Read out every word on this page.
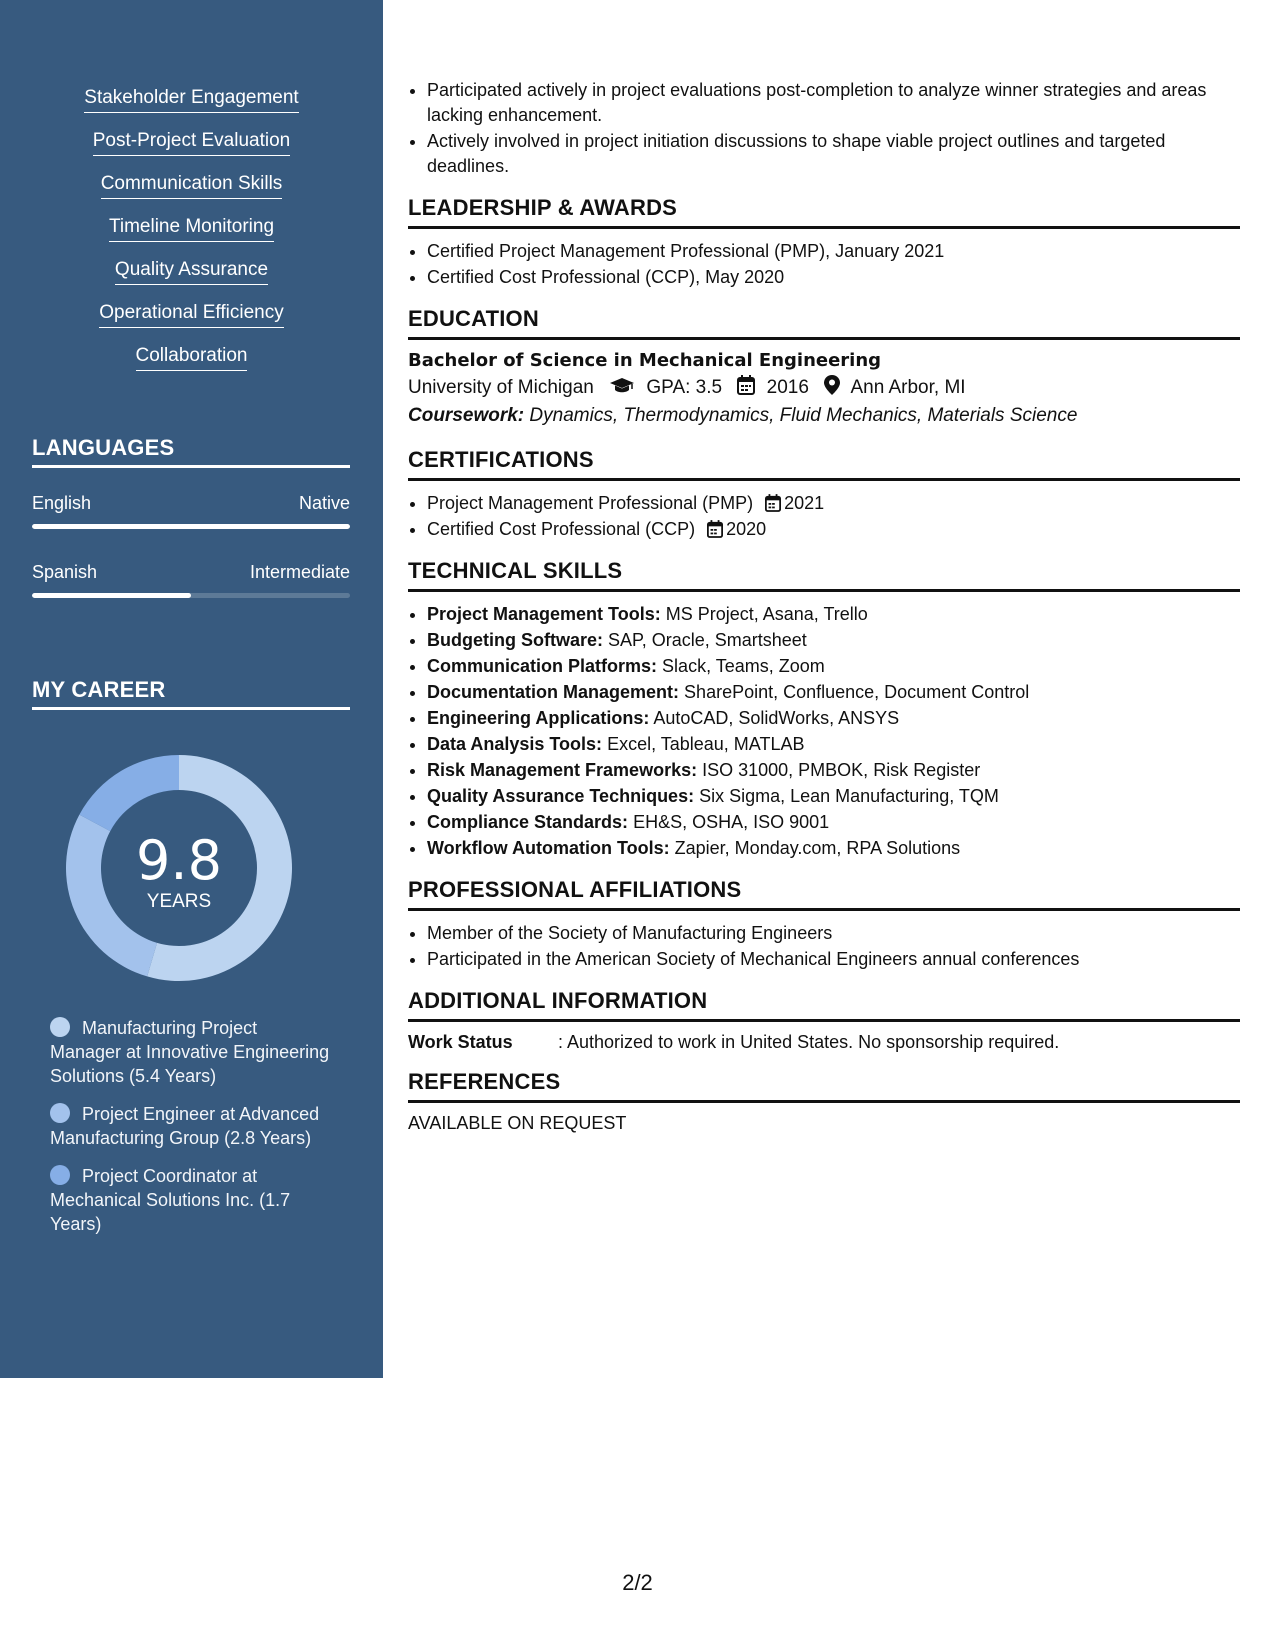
Stakeholder Engagement
Post-Project Evaluation
Communication Skills
Timeline Monitoring
Quality Assurance
Operational Efficiency
Collaboration
LANGUAGES
English	Native
Spanish	Intermediate
MY CAREER
9.8
YEARS
Manufacturing Project Manager at Innovative Engineering Solutions (5.4 Years)
Project Engineer at Advanced Manufacturing Group (2.8 Years)
Project Coordinator at Mechanical Solutions Inc. (1.7 Years)
• Participated actively in project evaluations post-completion to analyze winner strategies and areas lacking enhancement.
• Actively involved in project initiation discussions to shape viable project outlines and targeted deadlines.
LEADERSHIP & AWARDS
• Certified Project Management Professional (PMP), January 2021
• Certified Cost Professional (CCP), May 2020
EDUCATION
Bachelor of Science in Mechanical Engineering
University of Michigan	GPA: 3.5 2016 Ann Arbor, MI
Coursework: Dynamics, Thermodynamics, Fluid Mechanics, Materials Science
CERTIFICATIONS
• Project Management Professional (PMP) 2021
• Certified Cost Professional (CCP) 2020
TECHNICAL SKILLS
• Project Management Tools: MS Project, Asana, Trello
• Budgeting Software: SAP, Oracle, Smartsheet
• Communication Platforms: Slack, Teams, Zoom
• Documentation Management: SharePoint, Confluence, Document Control
• Engineering Applications: AutoCAD, SolidWorks, ANSYS
• Data Analysis Tools: Excel, Tableau, MATLAB
• Risk Management Frameworks: ISO 31000, PMBOK, Risk Register
• Quality Assurance Techniques: Six Sigma, Lean Manufacturing, TQM
• Compliance Standards: EH&S, OSHA, ISO 9001
• Workflow Automation Tools: Zapier, Monday.com, RPA Solutions
PROFESSIONAL AFFILIATIONS
• Member of the Society of Manufacturing Engineers
• Participated in the American Society of Mechanical Engineers annual conferences
ADDITIONAL INFORMATION
Work Status	: Authorized to work in United States. No sponsorship required.
REFERENCES
AVAILABLE ON REQUEST
2/2
